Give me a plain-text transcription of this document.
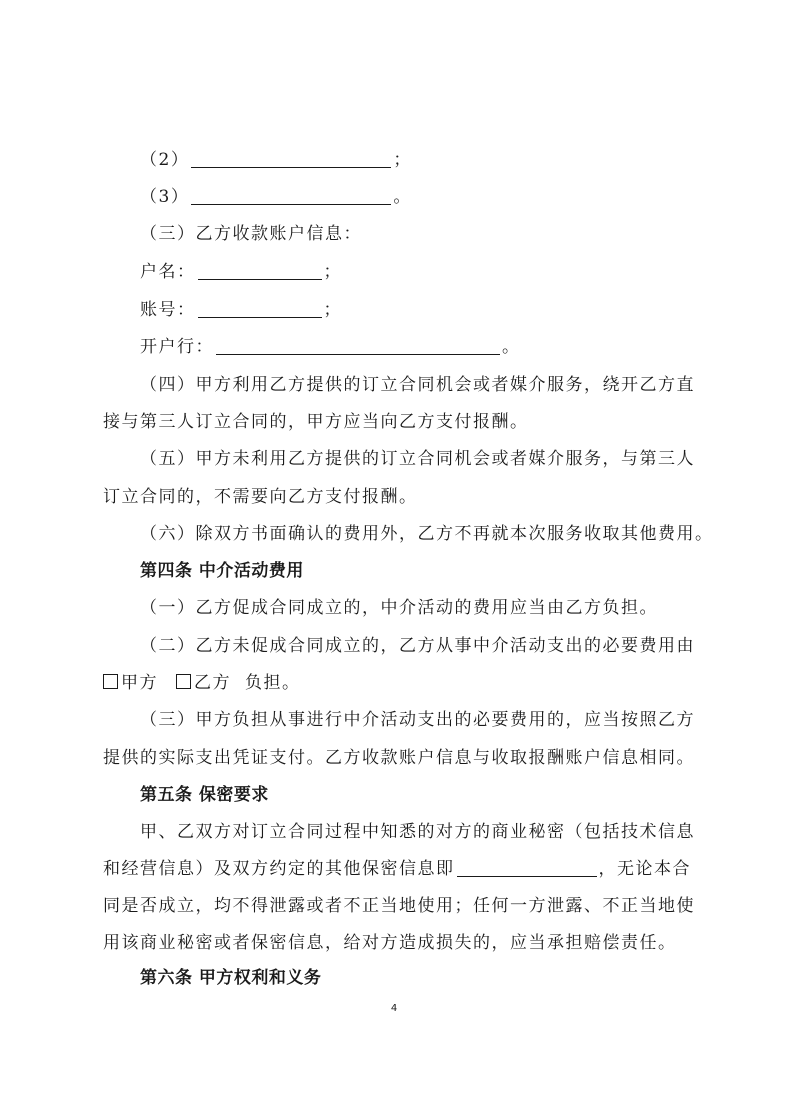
（2）	；
（3）	。
（三）乙方收款账户信息：
户名：	；
账号：	；
开户行：	。
（四）甲方利用乙方提供的订立合同机会或者媒介服务，绕开乙方直
接与第三人订立合同的，甲方应当向乙方支付报酬。
（五）甲方未利用乙方提供的订立合同机会或者媒介服务，与第三人
订立合同的，不需要向乙方支付报酬。
（六）除双方书面确认的费用外，乙方不再就本次服务收取其他费用。
第四条 中介活动费用
（一）乙方促成合同成立的，中介活动的费用应当由乙方负担。
（二）乙方未促成合同成立的，乙方从事中介活动支出的必要费用由
甲方 乙方 负担。
（三）甲方负担从事进行中介活动支出的必要费用的，应当按照乙方
提供的实际支出凭证支付。乙方收款账户信息与收取报酬账户信息相同。
第五条 保密要求
甲、乙双方对订立合同过程中知悉的对方的商业秘密（包括技术信息
和经营信息）及双方约定的其他保密信息即	，无论本合
同是否成立，均不得泄露或者不正当地使用；任何一方泄露、不正当地使
用该商业秘密或者保密信息，给对方造成损失的，应当承担赔偿责任。
第六条 甲方权利和义务
4
